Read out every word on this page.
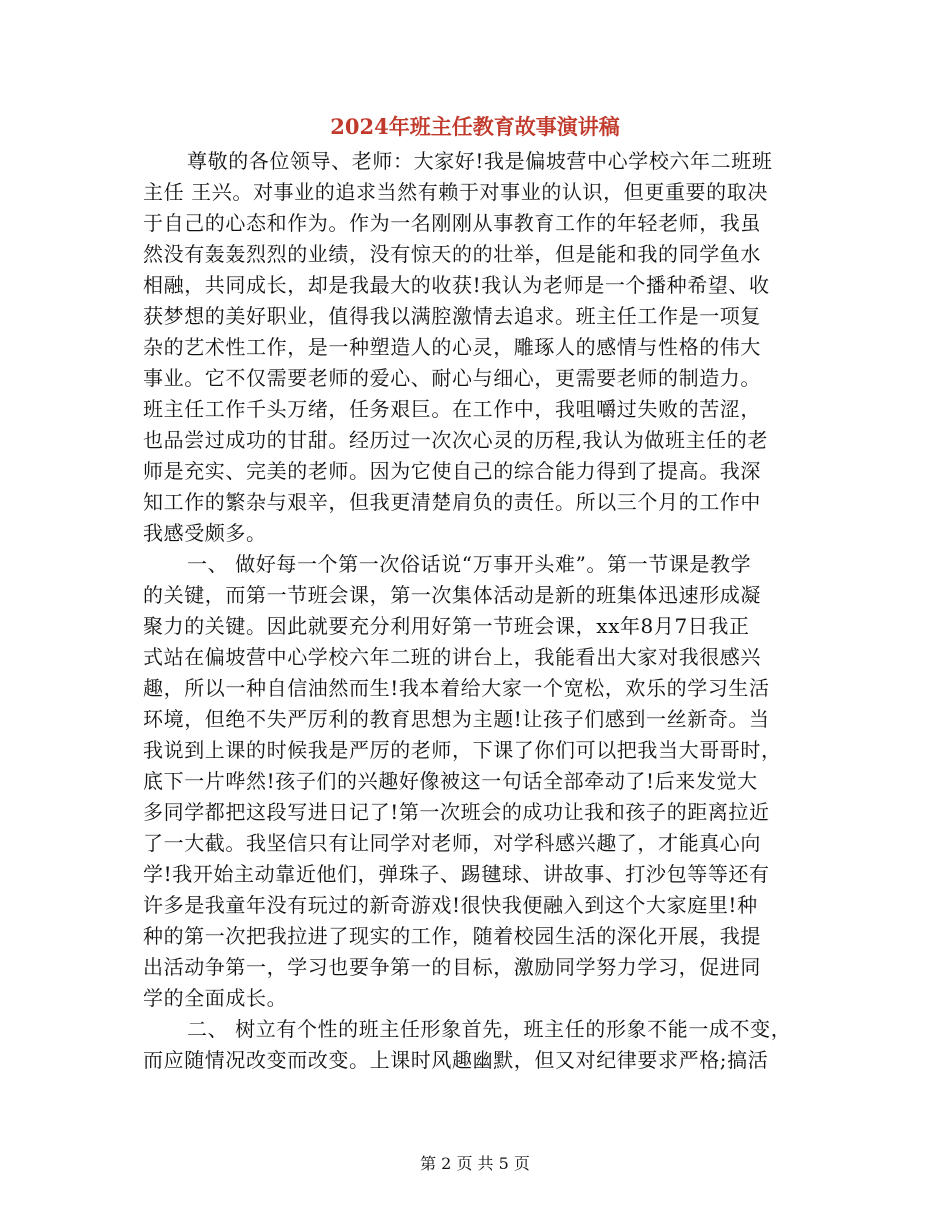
2024年班主任教育故事演讲稿
尊敬的各位领导、老师：大家好!我是偏坡营中心学校六年二班班
主任 王兴。对事业的追求当然有赖于对事业的认识，但更重要的取决
于自己的心态和作为。作为一名刚刚从事教育工作的年轻老师，我虽
然没有轰轰烈烈的业绩，没有惊天的的壮举，但是能和我的同学鱼水
相融，共同成长，却是我最大的收获!我认为老师是一个播种希望、收
获梦想的美好职业，值得我以满腔激情去追求。班主任工作是一项复
杂的艺术性工作，是一种塑造人的心灵，雕琢人的感情与性格的伟大
事业。它不仅需要老师的爱心、耐心与细心，更需要老师的制造力。
班主任工作千头万绪，任务艰巨。在工作中，我咀嚼过失败的苦涩，
也品尝过成功的甘甜。经历过一次次心灵的历程,我认为做班主任的老
师是充实、完美的老师。因为它使自己的综合能力得到了提高。我深
知工作的繁杂与艰辛，但我更清楚肩负的责任。所以三个月的工作中
我感受颇多。
一、 做好每一个第一次俗话说“万事开头难”。第一节课是教学
的关键，而第一节班会课，第一次集体活动是新的班集体迅速形成凝
聚力的关键。因此就要充分利用好第一节班会课，xx年8月7日我正
式站在偏坡营中心学校六年二班的讲台上，我能看出大家对我很感兴
趣，所以一种自信油然而生!我本着给大家一个宽松，欢乐的学习生活
环境，但绝不失严厉利的教育思想为主题!让孩子们感到一丝新奇。当
我说到上课的时候我是严厉的老师，下课了你们可以把我当大哥哥时，
底下一片哗然!孩子们的兴趣好像被这一句话全部牵动了!后来发觉大
多同学都把这段写进日记了!第一次班会的成功让我和孩子的距离拉近
了一大截。我坚信只有让同学对老师，对学科感兴趣了，才能真心向
学!我开始主动靠近他们，弹珠子、踢毽球、讲故事、打沙包等等还有
许多是我童年没有玩过的新奇游戏!很快我便融入到这个大家庭里!种
种的第一次把我拉进了现实的工作，随着校园生活的深化开展，我提
出活动争第一，学习也要争第一的目标，激励同学努力学习，促进同
学的全面成长。
二、 树立有个性的班主任形象首先，班主任的形象不能一成不变，
而应随情况改变而改变。上课时风趣幽默，但又对纪律要求严格;搞活
第 2 页 共 5 页
